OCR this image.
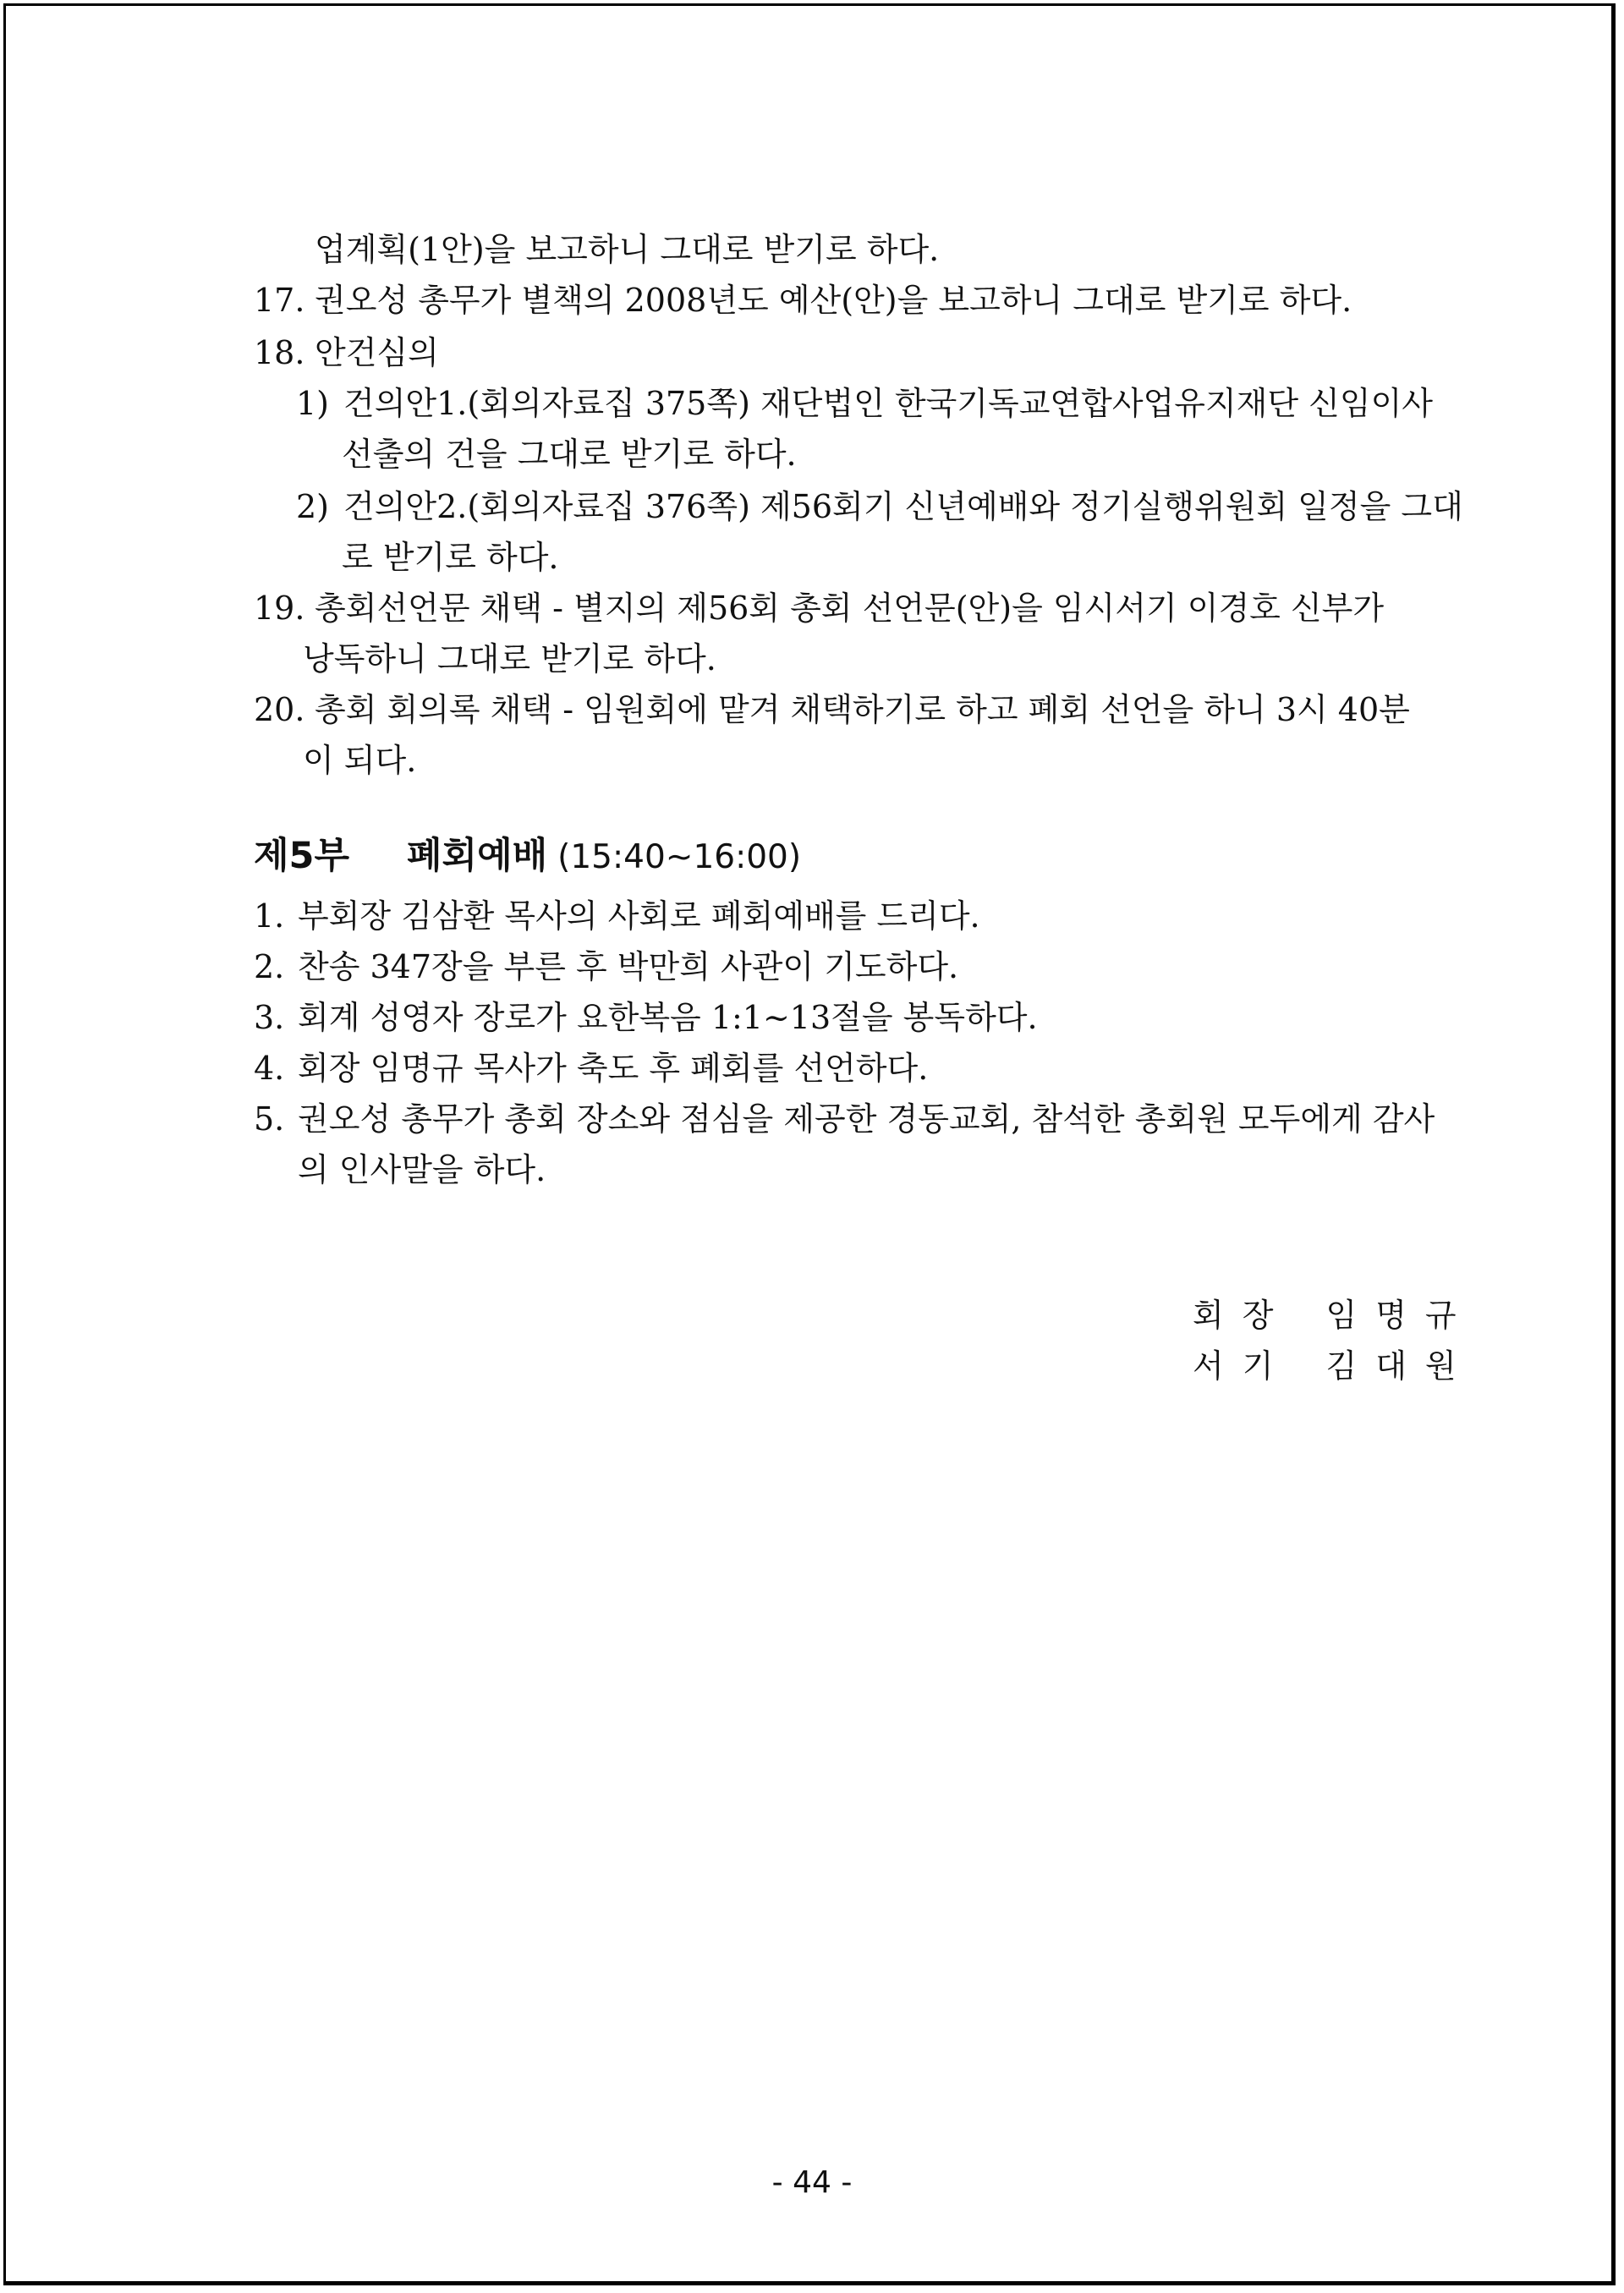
업계획(1안)을 보고하니 그대로 받기로 하다.
17. 권오성 총무가 별책의 2008년도 예산(안)을 보고하니 그대로 받기로 하다.
18. 안건심의
1) 건의안1.(회의자료집 375쪽) 재단법인 한국기독교연합사업유지재단 신임이사
선출의 건을 그대로 받기로 하다.
2) 건의안2.(회의자료집 376쪽) 제56회기 신년예배와 정기실행위원회 일정을 그대
로 받기로 하다.
19. 총회선언문 채택 - 별지의 제56회 총회 선언문(안)을 임시서기 이경호 신부가
낭독하니 그대로 받기로 하다.
20. 총회 회의록 채택 - 임원회에 맡겨 채택하기로 하고 폐회 선언을 하니 3시 40분
이 되다.
제5부 폐회예배 (15:40~16:00)
1. 부회장 김삼환 목사의 사회로 폐회예배를 드리다.
2. 찬송 347장을 부른 후 박만희 사관이 기도하다.
3. 회계 성영자 장로가 요한복음 1:1~13절을 봉독하다.
4. 회장 임명규 목사가 축도 후 폐회를 선언하다.
5. 권오성 총무가 총회 장소와 점심을 제공한 경동교회, 참석한 총회원 모두에게 감사
의 인사말을 하다.
회장 임명규
서기 김대원
- 44 -
